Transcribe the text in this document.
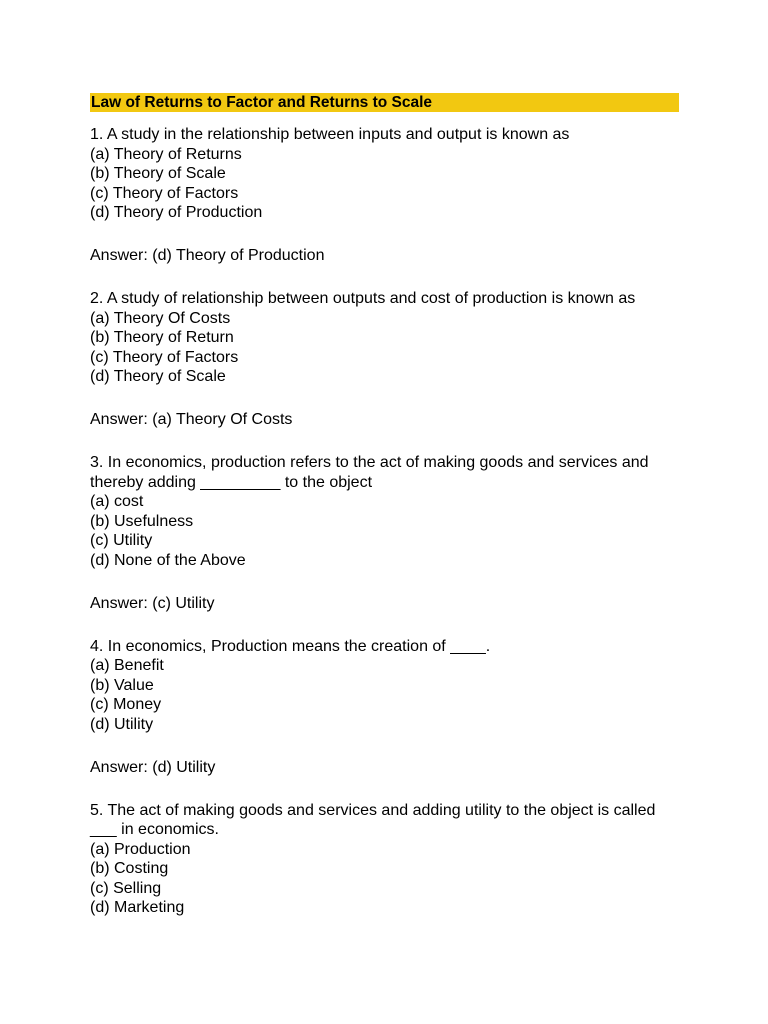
Law of Returns to Factor and Returns to Scale
1. A study in the relationship between inputs and output is known as
(a) Theory of Returns
(b) Theory of Scale
(c) Theory of Factors
(d) Theory of Production
Answer: (d) Theory of Production
2. A study of relationship between outputs and cost of production is known as
(a) Theory Of Costs
(b) Theory of Return
(c) Theory of Factors
(d) Theory of Scale
Answer: (a) Theory Of Costs
3. In economics, production refers to the act of making goods and services and thereby adding _________ to the object
(a) cost
(b) Usefulness
(c) Utility
(d) None of the Above
Answer: (c) Utility
4. In economics, Production means the creation of ____.
(a) Benefit
(b) Value
(c) Money
(d) Utility
Answer: (d) Utility
5. The act of making goods and services and adding utility to the object is called ___ in economics.
(a) Production
(b) Costing
(c) Selling
(d) Marketing
